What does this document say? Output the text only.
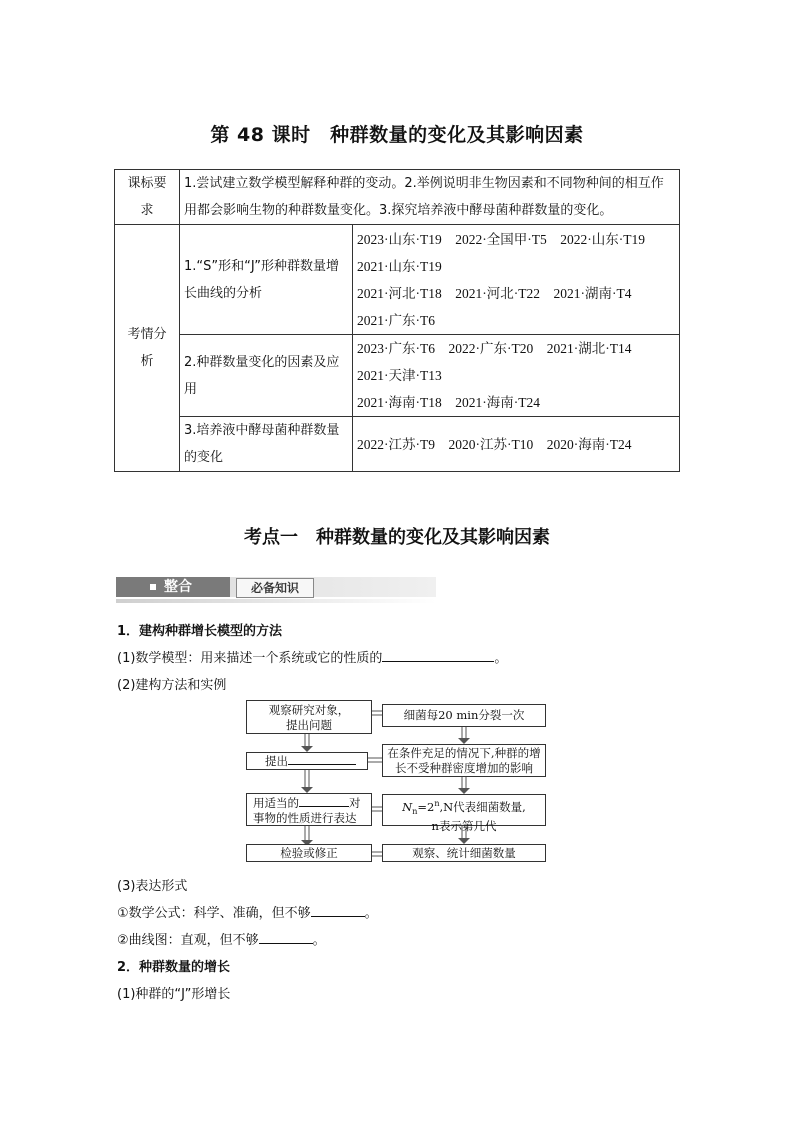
第 48 课时　种群数量的变化及其影响因素
课标要求	1.尝试建立数学模型解释种群的变动。2.举例说明非生物因素和不同物种间的相互作用都会影响生物的种群数量变化。3.探究培养液中酵母菌种群数量的变化。	
考情分析	1.“S”形和“J”形种群数量增长曲线的分析	2023·山东·T19　2022·全国甲·T5　2022·山东·T19
2021·山东·T19
2021·河北·T18　2021·河北·T22　2021·湖南·T4
2021·广东·T6

	2.种群数量变化的因素及应用	2023·广东·T6　2022·广东·T20　2021·湖北·T14
2021·天津·T13
2021·海南·T18　2021·海南·T24

	3.培养液中酵母菌种群数量的变化	2022·江苏·T9　2020·江苏·T10　2020·海南·T24
考点一　种群数量的变化及其影响因素
整合	必备知识
1．建构种群增长模型的方法
(1)数学模型：用来描述一个系统或它的性质的	。
(2)建构方法和实例
观察研究对象，
提出问题
提出
用适当的	对
事物的性质进行表达
检验或修正
细菌每20 min分裂一次
在条件充足的情况下,种群的增
长不受种群密度增加的影响
$N_n=2^n,N$代表细菌数量,
n表示第几代
观察、统计细菌数量
(3)表达形式
①数学公式：科学、准确，但不够	。
②曲线图：直观，但不够	。
2．种群数量的增长
(1)种群的“J”形增长
